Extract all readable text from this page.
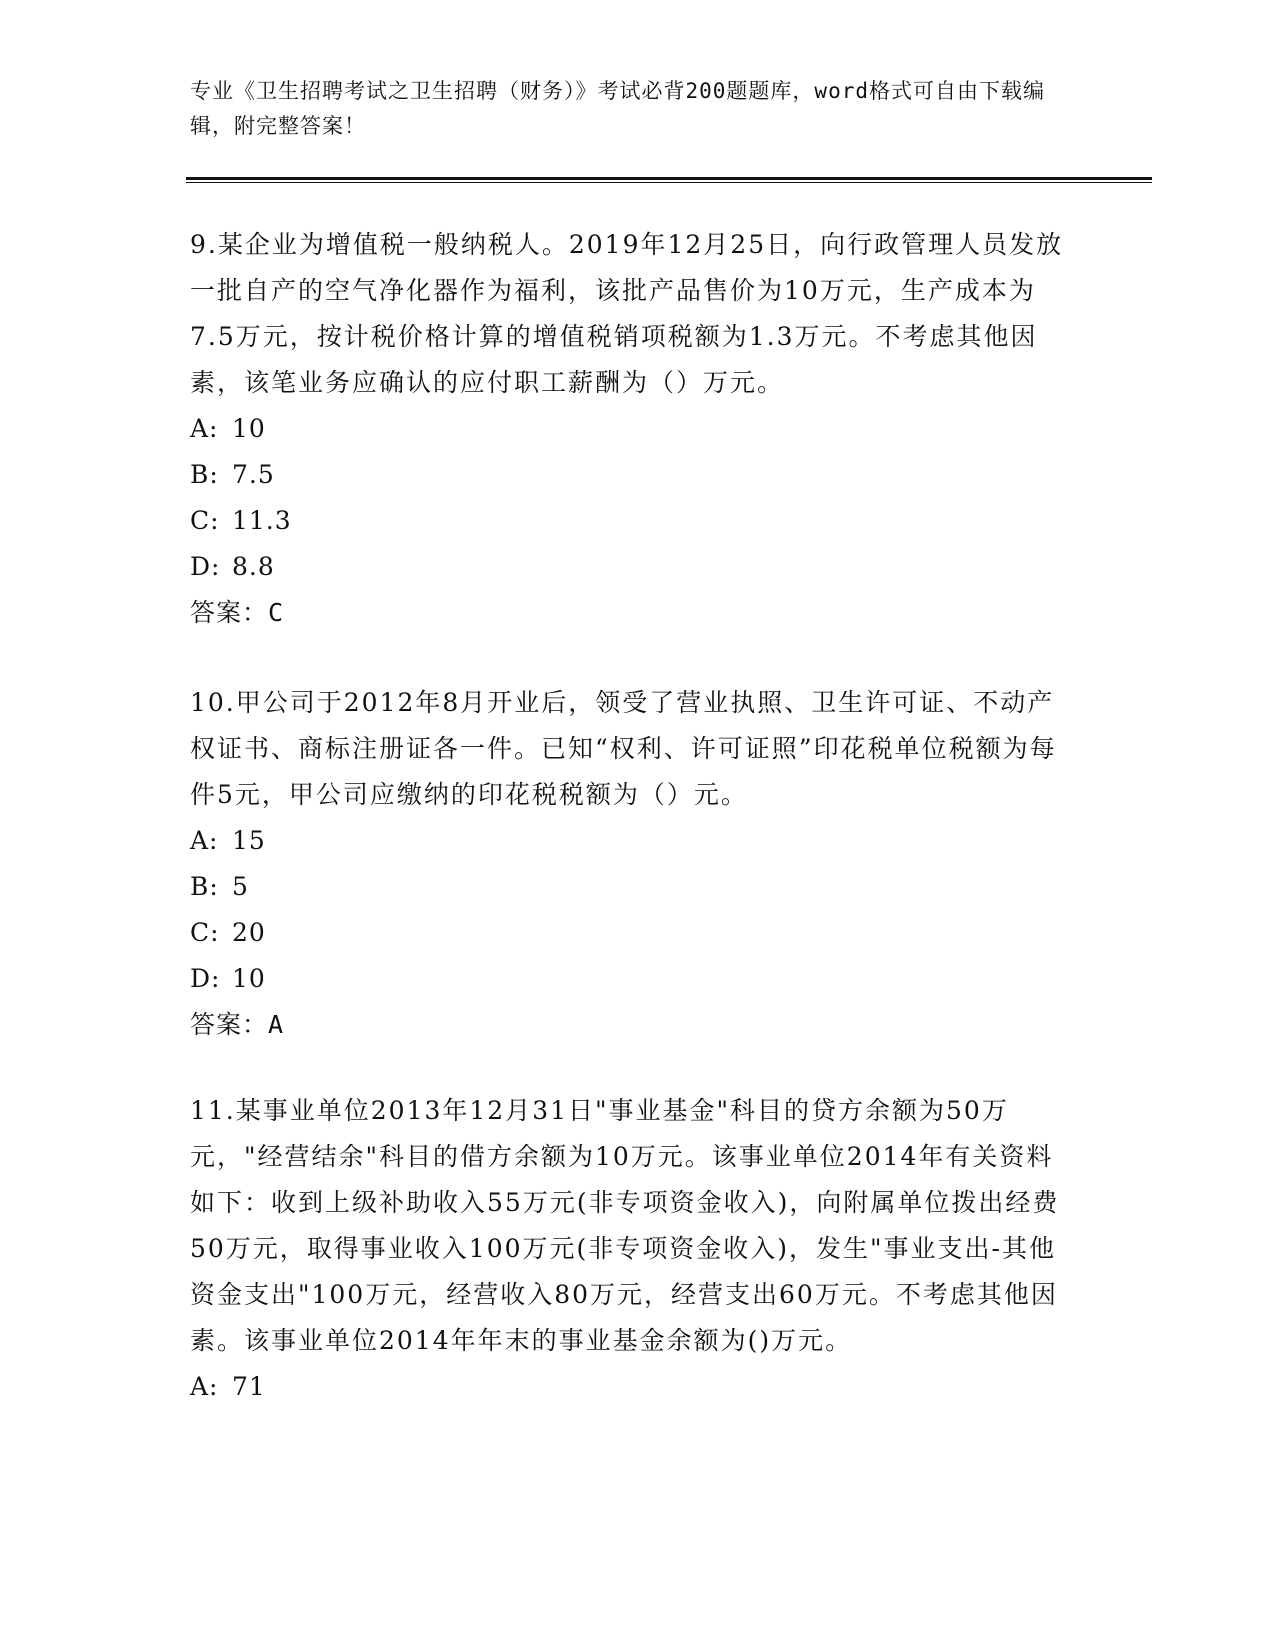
专业《卫生招聘考试之卫生招聘（财务）》考试必背200题题库，word格式可自由下载编辑，附完整答案！

9.某企业为增值税一般纳税人。2019年12月25日，向行政管理人员发放一批自产的空气净化器作为福利，该批产品售价为10万元，生产成本为7.5万元，按计税价格计算的增值税销项税额为1.3万元。不考虑其他因素，该笔业务应确认的应付职工薪酬为（）万元。

A: 10

B: 7.5

C: 11.3

D: 8.8

答案：C

10.甲公司于2012年8月开业后，领受了营业执照、卫生许可证、不动产权证书、商标注册证各一件。已知“权利、许可证照”印花税单位税额为每件5元，甲公司应缴纳的印花税税额为（）元。

A: 15

B: 5

C: 20

D: 10

答案：A

11.某事业单位2013年12月31日"事业基金"科目的贷方余额为50万元，"经营结余"科目的借方余额为10万元。该事业单位2014年有关资料如下：收到上级补助收入55万元(非专项资金收入)，向附属单位拨出经费50万元，取得事业收入100万元(非专项资金收入)，发生"事业支出-其他资金支出"100万元，经营收入80万元，经营支出60万元。不考虑其他因素。该事业单位2014年年末的事业基金余额为()万元。

A: 71
